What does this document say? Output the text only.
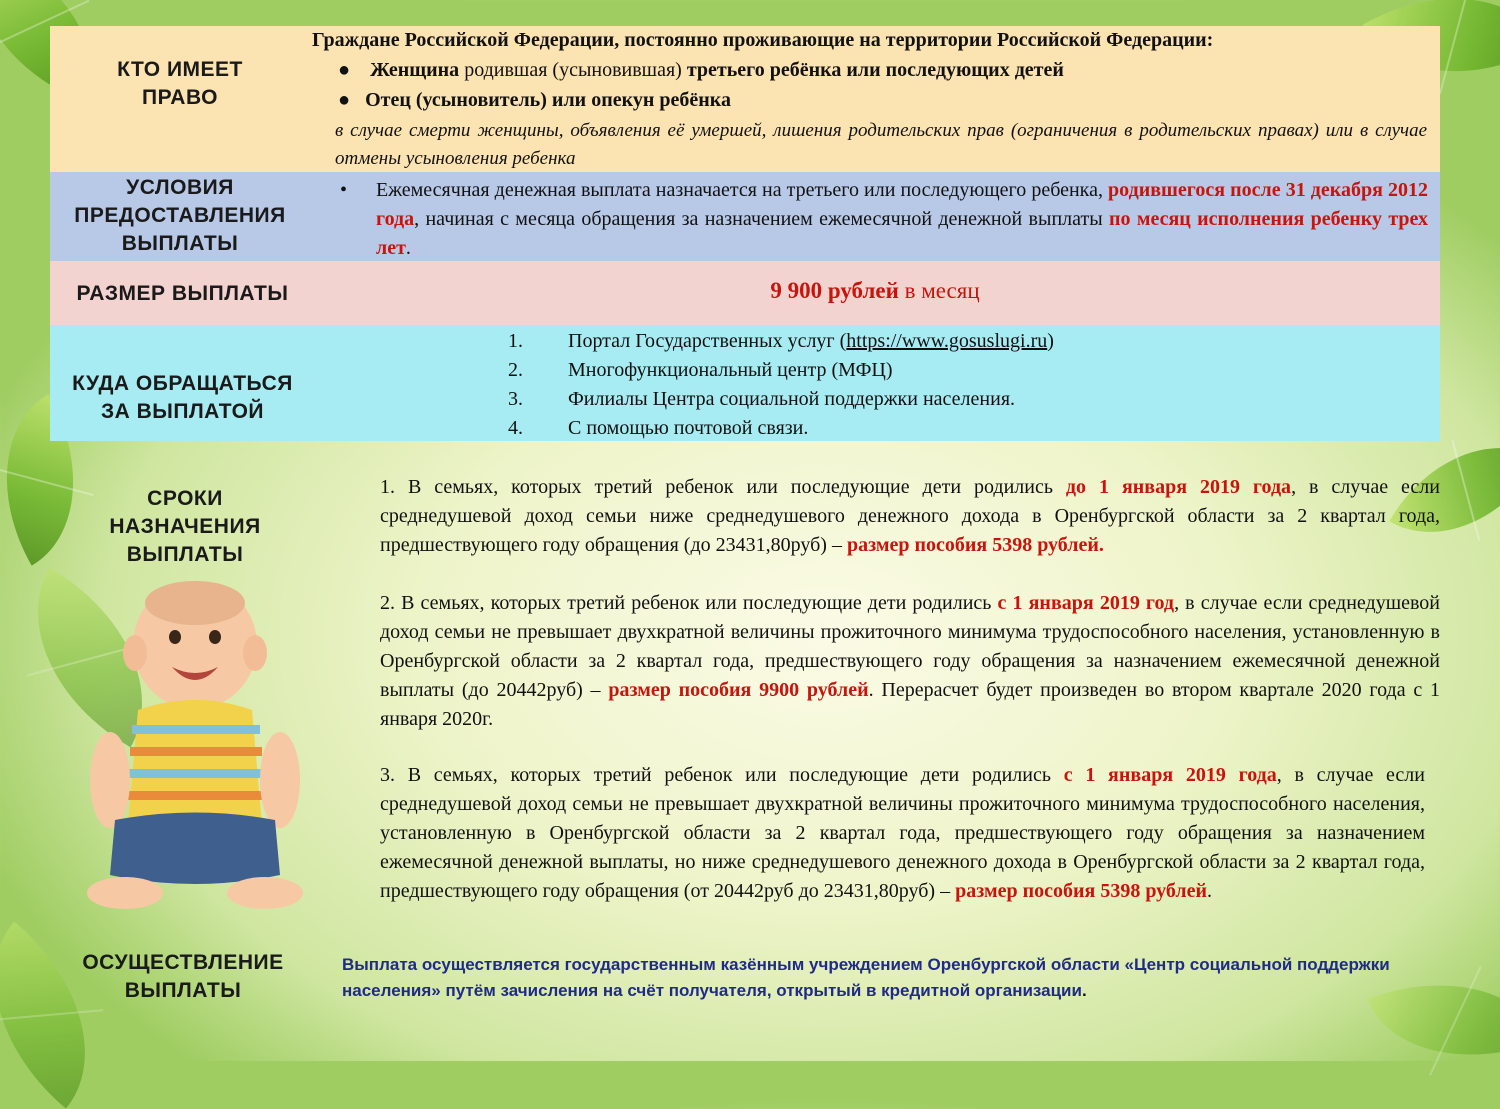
КТО ИМЕЕТ
ПРАВО
Граждане Российской Федерации, постоянно проживающие на территории Российской Федерации:
● Женщина родившая (усыновившая) третьего ребёнка или последующих детей
● Отец (усыновитель) или опекун ребёнка
в случае смерти женщины, объявления её умершей, лишения родительских прав (ограничения в родительских правах) или в случае отмены усыновления ребенка
УСЛОВИЯ
ПРЕДОСТАВЛЕНИЯ
ВЫПЛАТЫ
• Ежемесячная денежная выплата назначается на третьего или последующего ребенка, родившегося после 31 декабря 2012 года, начиная с месяца обращения за назначением ежемесячной денежной выплаты по месяц исполнения ребенку трех лет.
РАЗМЕР ВЫПЛАТЫ	9 900 рублей в месяц
КУДА ОБРАЩАТЬСЯ
ЗА ВЫПЛАТОЙ
1. Портал Государственных услуг (https://www.gosuslugi.ru)
2. Многофункциональный центр (МФЦ)
3. Филиалы Центра социальной поддержки населения.
4. С помощью почтовой связи.
СРОКИ
НАЗНАЧЕНИЯ
ВЫПЛАТЫ
1. В семьях, которых третий ребенок или последующие дети родились до 1 января 2019 года, в случае если среднедушевой доход семьи ниже среднедушевого денежного дохода в Оренбургской области за 2 квартал года, предшествующего году обращения (до 23431,80руб) – размер пособия 5398 рублей.
2. В семьях, которых третий ребенок или последующие дети родились с 1 января 2019 год, в случае если среднедушевой доход семьи не превышает двухкратной величины прожиточного минимума трудоспособного населения, установленную в Оренбургской области за 2 квартал года, предшествующего году обращения за назначением ежемесячной денежной выплаты (до 20442руб) – размер пособия 9900 рублей. Перерасчет будет произведен во втором квартале 2020 года с 1 января 2020г.
3. В семьях, которых третий ребенок или последующие дети родились с 1 января 2019 года, в случае если среднедушевой доход семьи не превышает двухкратной величины прожиточного минимума трудоспособного населения, установленную в Оренбургской области за 2 квартал года, предшествующего году обращения за назначением ежемесячной денежной выплаты, но ниже среднедушевого денежного дохода в Оренбургской области за 2 квартал года, предшествующего году обращения (от 20442руб до 23431,80руб) – размер пособия 5398 рублей.
ОСУЩЕСТВЛЕНИЕ
ВЫПЛАТЫ
Выплата осуществляется государственным казённым учреждением Оренбургской области «Центр социальной поддержки населения» путём зачисления на счёт получателя, открытый в кредитной организации.
